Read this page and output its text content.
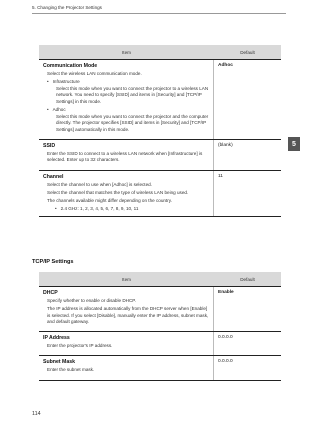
5. Changing the Projector Settings
5
Item	Default
Communication Mode
Select the wireless LAN communication mode.
• Infrastructure
Select this mode when you want to connect the projector to a wireless LAN network. You need to specify [SSID] and items in [Security] and [TCP/IP Settings] in this mode.
• Adhoc
Select this mode when you want to connect the projector and the computer directly. The projector specifies [SSID] and items in [Security] and [TCP/IP Settings] automatically in this mode.
Adhoc
SSID
Enter the SSID to connect to a wireless LAN network when [Infrastructure] is selected. Enter up to 32 characters.
(blank)
Channel
Select the channel to use when [Adhoc] is selected.
Select the channel that matches the type of wireless LAN being used.
The channels available might differ depending on the country.
• 2.4 GHz: 1, 2, 3, 4, 5, 6, 7, 8, 9, 10, 11
11
TCP/IP Settings
Item	Default
DHCP
Specify whether to enable or disable DHCP.
The IP address is allocated automatically from the DHCP server when [Enable] is selected. If you select [Disable], manually enter the IP address, subnet mask, and default gateway.
Enable
IP Address
Enter the projector's IP address.
0.0.0.0
Subnet Mask
Enter the subnet mask.
0.0.0.0
114
